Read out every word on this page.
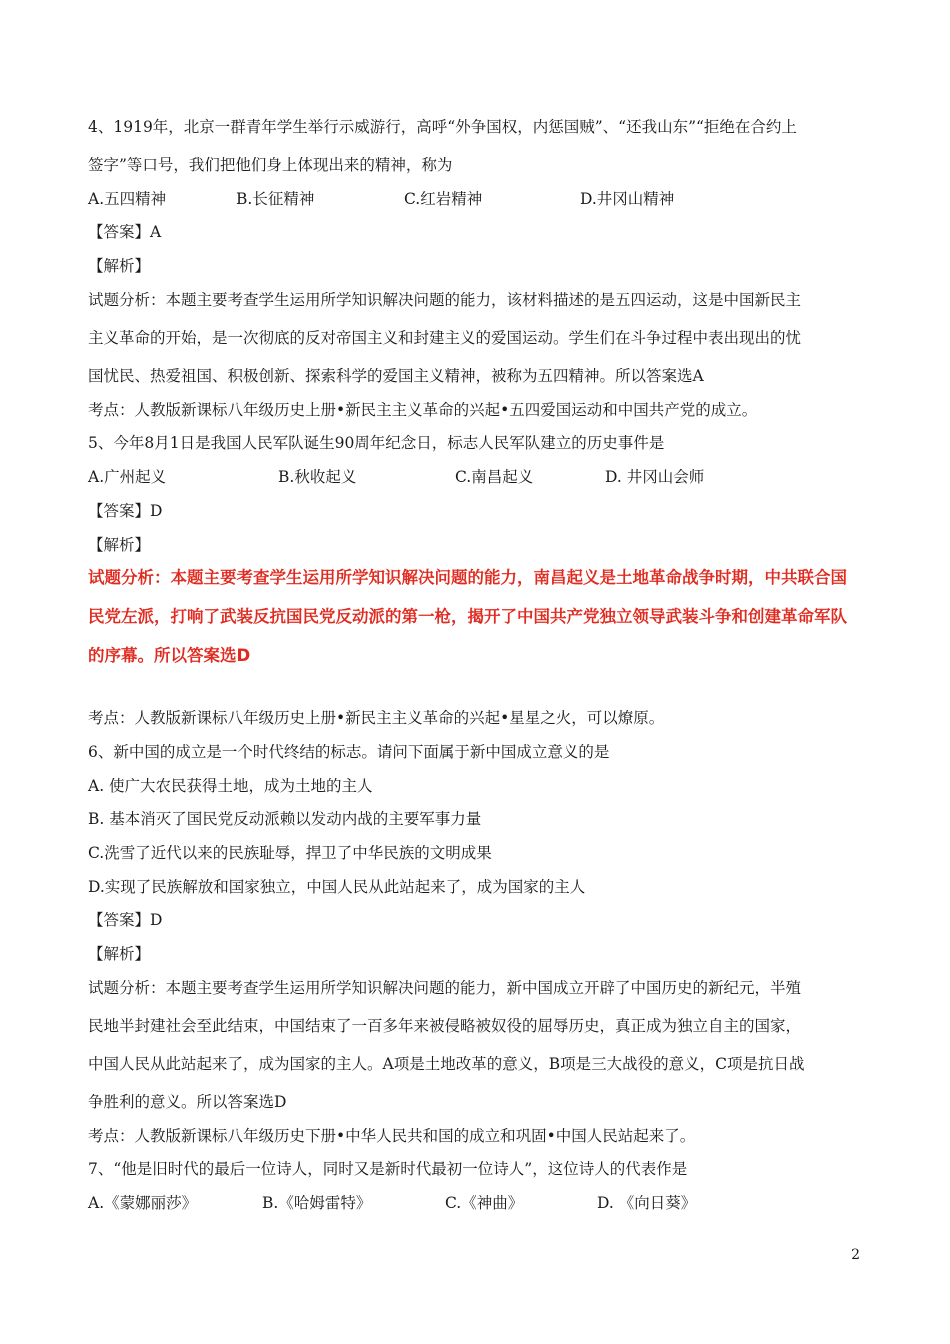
4、1919年，北京一群青年学生举行示威游行，高呼“外争国权，内惩国贼”、“还我山东”“拒绝在合约上
签字”等口号，我们把他们身上体现出来的精神，称为
A.五四精神	B.长征精神	C.红岩精神	D.井冈山精神
【答案】A
【解析】
试题分析：本题主要考查学生运用所学知识解决问题的能力，该材料描述的是五四运动，这是中国新民主
主义革命的开始，是一次彻底的反对帝国主义和封建主义的爱国运动。学生们在斗争过程中表出现出的忧
国忧民、热爱祖国、积极创新、探索科学的爱国主义精神，被称为五四精神。所以答案选A
考点：人教版新课标八年级历史上册•新民主主义革命的兴起•五四爱国运动和中国共产党的成立。
5、今年8月1日是我国人民军队诞生90周年纪念日，标志人民军队建立的历史事件是
A.广州起义	B.秋收起义	C.南昌起义	D. 井冈山会师
【答案】D
【解析】
试题分析：本题主要考查学生运用所学知识解决问题的能力，南昌起义是土地革命战争时期，中共联合国
民党左派，打响了武装反抗国民党反动派的第一枪，揭开了中国共产党独立领导武装斗争和创建革命军队
的序幕。所以答案选D
考点：人教版新课标八年级历史上册•新民主主义革命的兴起•星星之火，可以燎原。
6、新中国的成立是一个时代终结的标志。请问下面属于新中国成立意义的是
A. 使广大农民获得土地，成为土地的主人
B. 基本消灭了国民党反动派赖以发动内战的主要军事力量
C.洗雪了近代以来的民族耻辱，捍卫了中华民族的文明成果
D.实现了民族解放和国家独立，中国人民从此站起来了，成为国家的主人
【答案】D
【解析】
试题分析：本题主要考查学生运用所学知识解决问题的能力，新中国成立开辟了中国历史的新纪元，半殖
民地半封建社会至此结束，中国结束了一百多年来被侵略被奴役的屈辱历史，真正成为独立自主的国家，
中国人民从此站起来了，成为国家的主人。A项是土地改革的意义，B项是三大战役的意义，C项是抗日战
争胜利的意义。所以答案选D
考点：人教版新课标八年级历史下册•中华人民共和国的成立和巩固•中国人民站起来了。
7、“他是旧时代的最后一位诗人，同时又是新时代最初一位诗人”，这位诗人的代表作是
A.《蒙娜丽莎》	B.《哈姆雷特》	C.《神曲》	D. 《向日葵》
2
